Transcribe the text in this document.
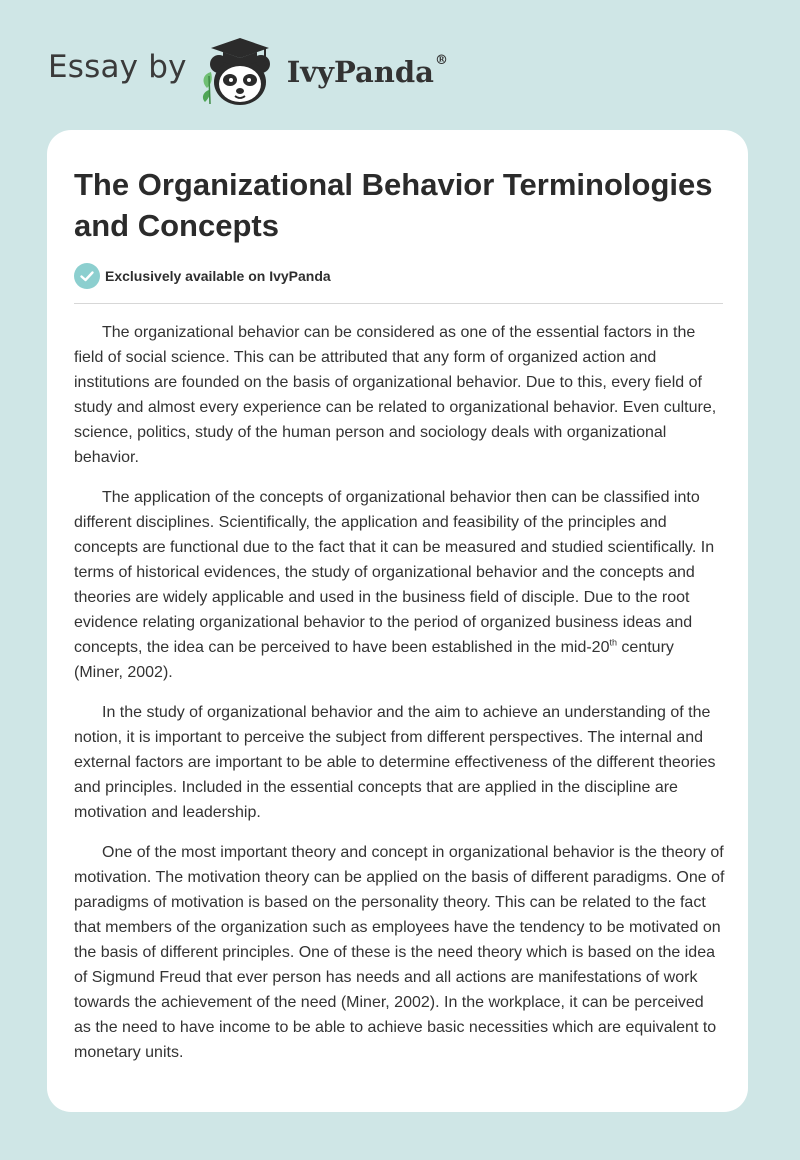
Essay by	IvyPanda®
The Organizational Behavior Terminologies and Concepts
Exclusively available on IvyPanda

The organizational behavior can be considered as one of the essential factors in the field of social science. This can be attributed that any form of organized action and institutions are founded on the basis of organizational behavior. Due to this, every field of study and almost every experience can be related to organizational behavior. Even culture, science, politics, study of the human person and sociology deals with organizational behavior.

The application of the concepts of organizational behavior then can be classified into different disciplines. Scientifically, the application and feasibility of the principles and concepts are functional due to the fact that it can be measured and studied scientifically. In terms of historical evidences, the study of organizational behavior and the concepts and theories are widely applicable and used in the business field of disciple. Due to the root evidence relating organizational behavior to the period of organized business ideas and concepts, the idea can be perceived to have been established in the mid-20th century (Miner, 2002).

In the study of organizational behavior and the aim to achieve an understanding of the notion, it is important to perceive the subject from different perspectives. The internal and external factors are important to be able to determine effectiveness of the different theories and principles. Included in the essential concepts that are applied in the discipline are motivation and leadership.

One of the most important theory and concept in organizational behavior is the theory of motivation. The motivation theory can be applied on the basis of different paradigms. One of paradigms of motivation is based on the personality theory. This can be related to the fact that members of the organization such as employees have the tendency to be motivated on the basis of different principles. One of these is the need theory which is based on the idea of Sigmund Freud that ever person has needs and all actions are manifestations of work towards the achievement of the need (Miner, 2002). In the workplace, it can be perceived as the need to have income to be able to achieve basic necessities which are equivalent to monetary units.
